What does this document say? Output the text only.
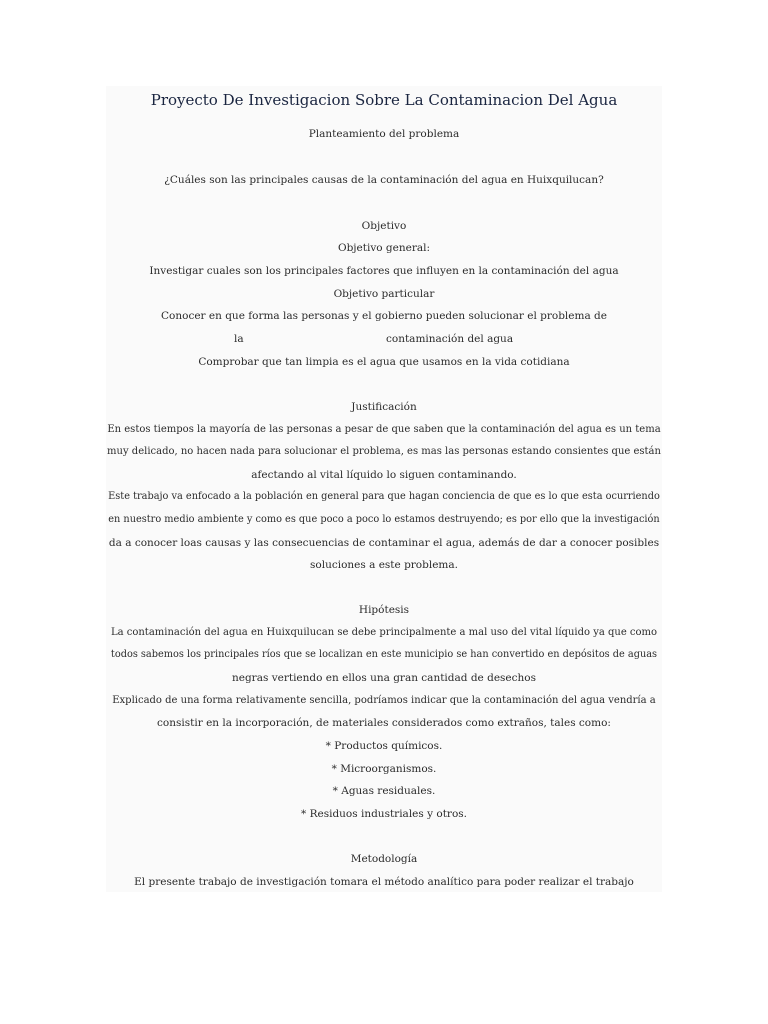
Proyecto De Investigacion Sobre La Contaminacion Del Agua
Planteamiento del problema
¿Cuáles son las principales causas de la contaminación del agua en Huixquilucan?
Objetivo
Objetivo general:
Investigar cuales son los principales factores que influyen en la contaminación del agua
Objetivo particular
Conocer en que forma las personas y el gobierno pueden solucionar el problema de
la	contaminación del agua
Comprobar que tan limpia es el agua que usamos en la vida cotidiana
Justificación
En estos tiempos la mayoría de las personas a pesar de que saben que la contaminación del agua es un tema
muy delicado, no hacen nada para solucionar el problema, es mas las personas estando consientes que están
afectando al vital líquido lo siguen contaminando.
Este trabajo va enfocado a la población en general para que hagan conciencia de que es lo que esta ocurriendo
en nuestro medio ambiente y como es que poco a poco lo estamos destruyendo; es por ello que la investigación
da a conocer loas causas y las consecuencias de contaminar el agua, además de dar a conocer posibles
soluciones a este problema.
Hipótesis
La contaminación del agua en Huixquilucan se debe principalmente a mal uso del vital líquido ya que como
todos sabemos los principales ríos que se localizan en este municipio se han convertido en depósitos de aguas
negras vertiendo en ellos una gran cantidad de desechos
Explicado de una forma relativamente sencilla, podríamos indicar que la contaminación del agua vendría a
consistir en la incorporación, de materiales considerados como extraños, tales como:
* Productos químicos.
* Microorganismos.
* Aguas residuales.
* Residuos industriales y otros.
Metodología
El presente trabajo de investigación tomara el método analítico para poder realizar el trabajo
